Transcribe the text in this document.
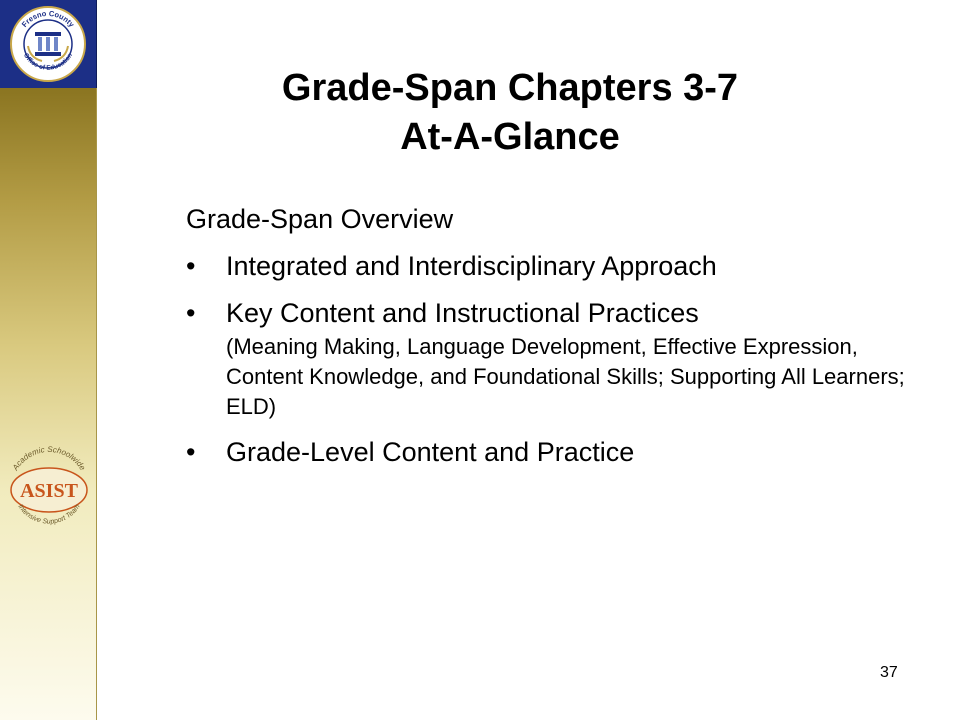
Fresno County
Office of Education
Academic Schoolwide
ASIST
Intensive Support Team
Grade-Span Chapters 3-7
At-A-Glance
Grade-Span Overview
• Integrated and Interdisciplinary Approach
• Key Content and Instructional Practices
(Meaning Making, Language Development, Effective Expression, Content Knowledge, and Foundational Skills; Supporting All Learners; ELD)
• Grade-Level Content and Practice
37
